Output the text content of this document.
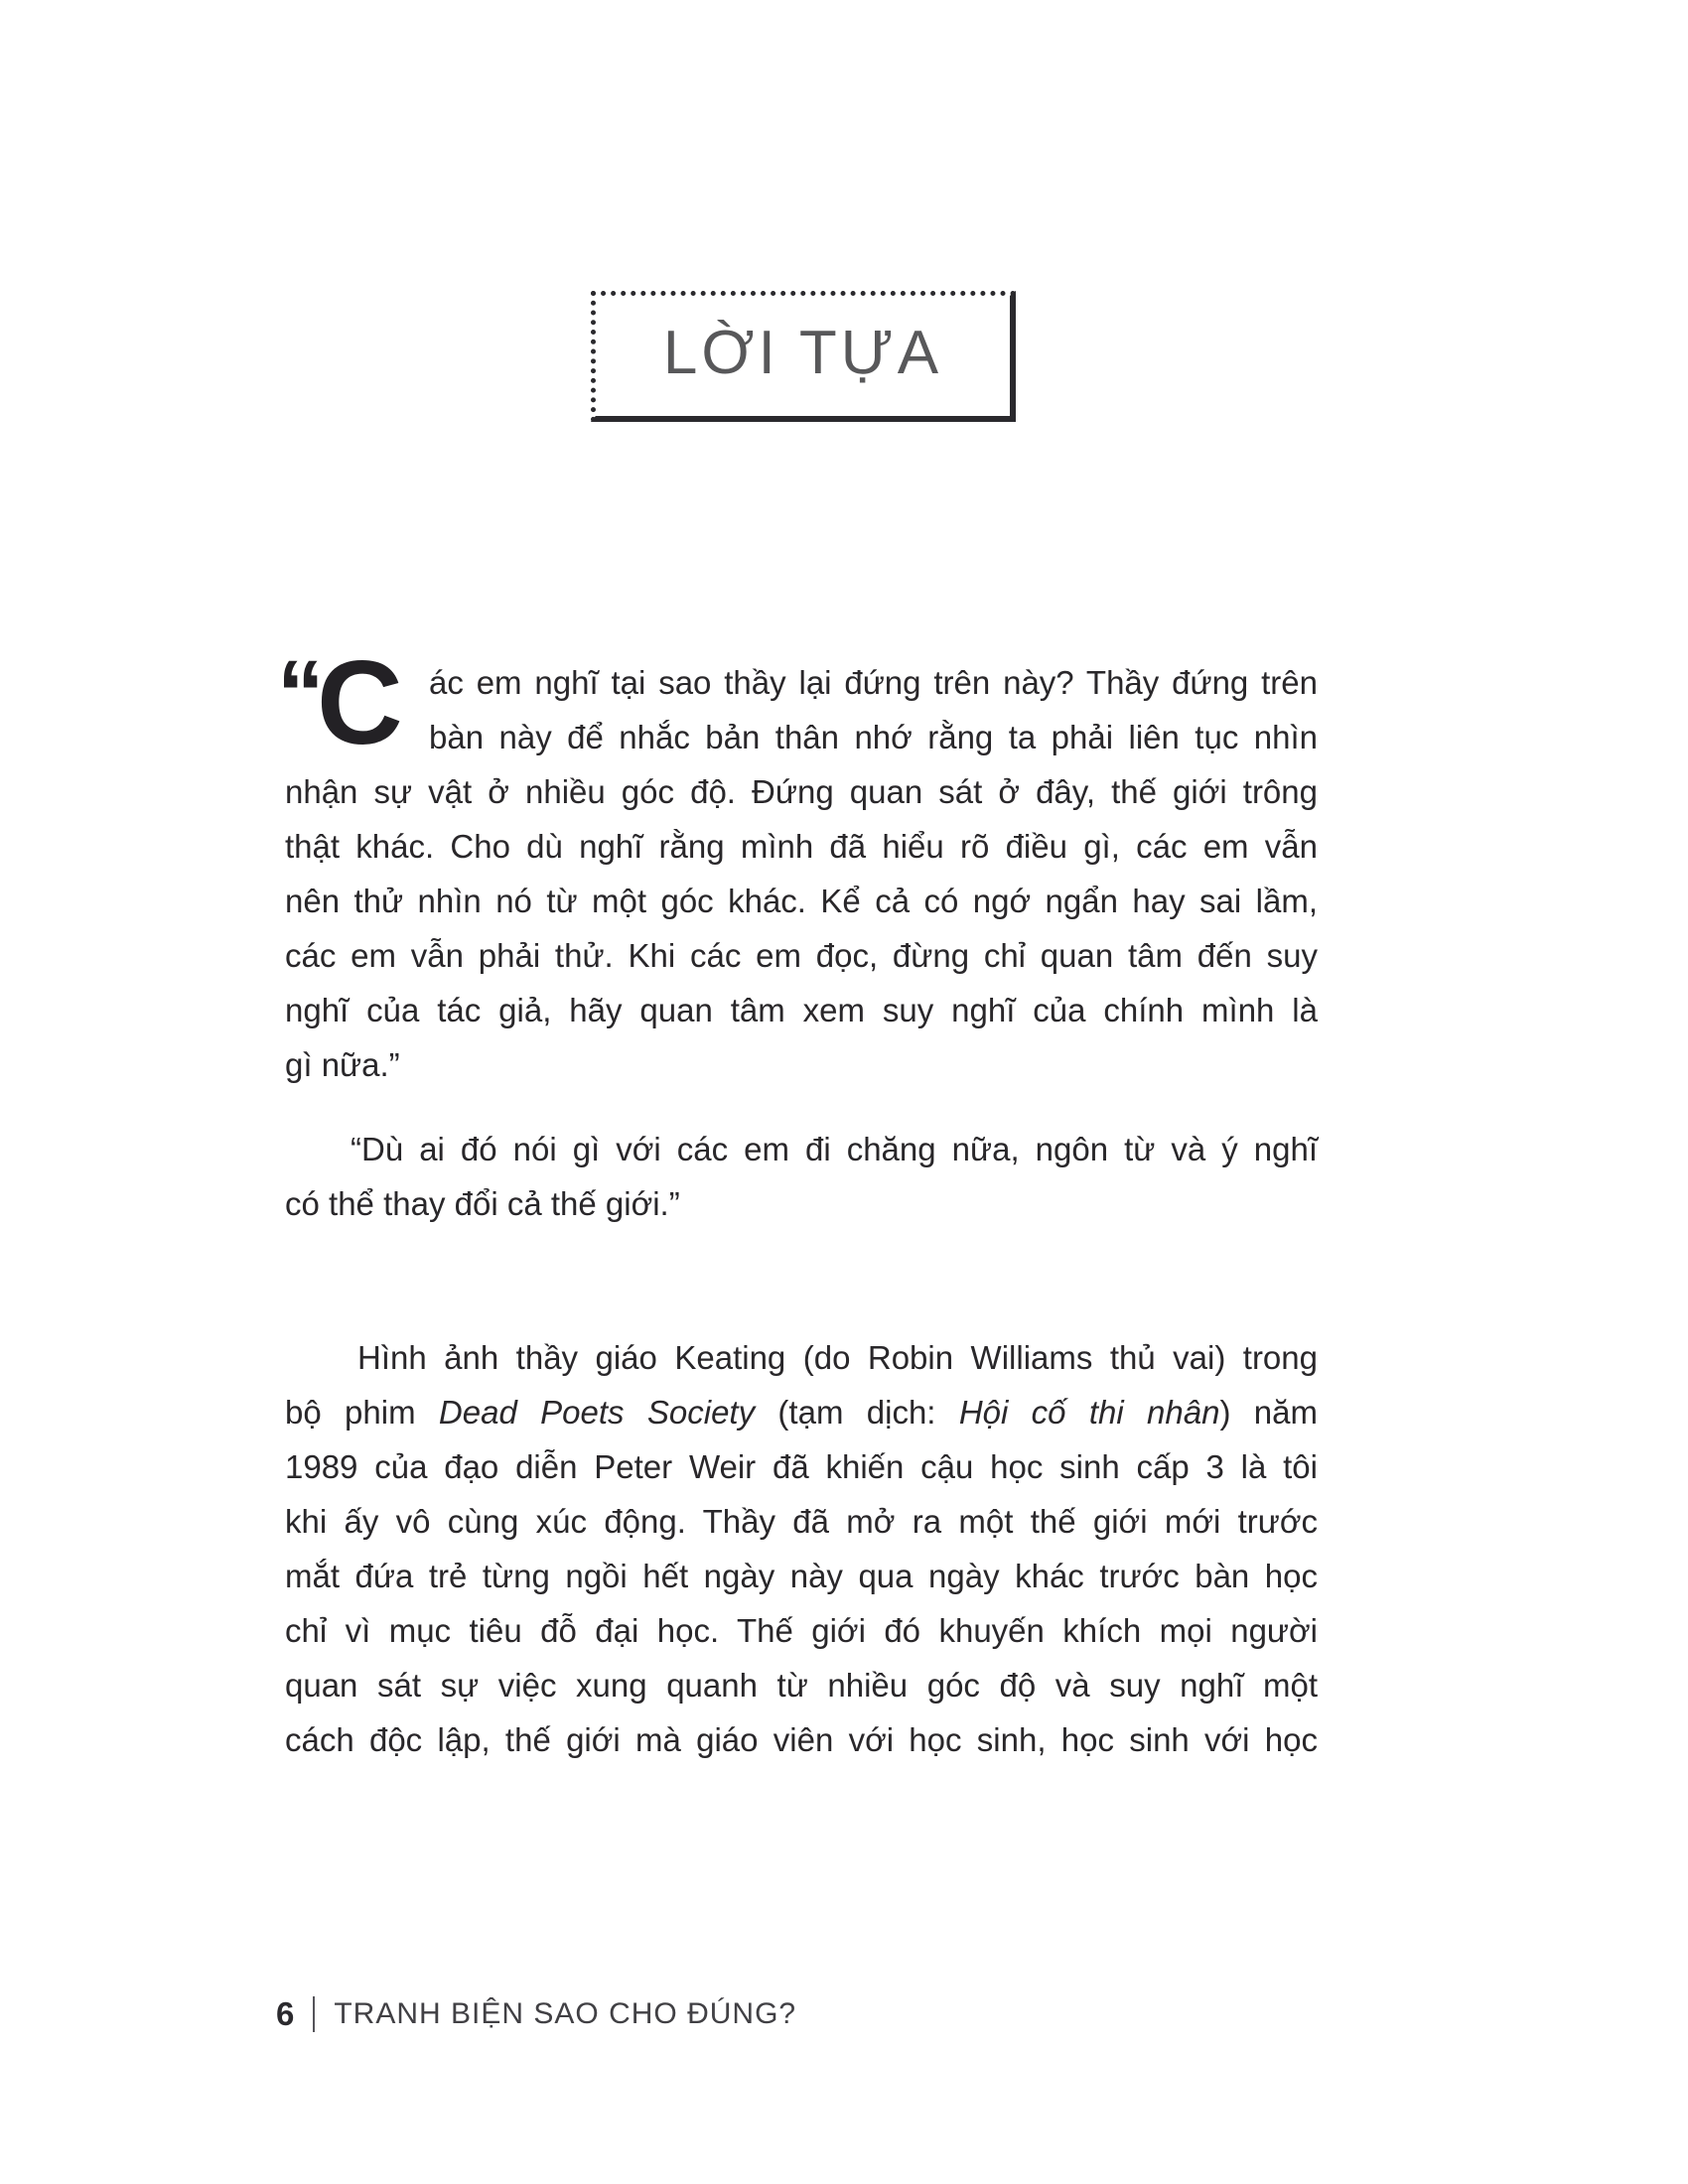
LỜI TỰA
“
C ác em nghĩ tại sao thầy lại đứng trên này? Thầy đứng trên
bàn này để nhắc bản thân nhớ rằng ta phải liên tục nhìn
nhận sự vật ở nhiều góc độ. Đứng quan sát ở đây, thế giới trông
thật khác. Cho dù nghĩ rằng mình đã hiểu rõ điều gì, các em vẫn
nên thử nhìn nó từ một góc khác. Kể cả có ngớ ngẩn hay sai lầm,
các em vẫn phải thử. Khi các em đọc, đừng chỉ quan tâm đến suy
nghĩ của tác giả, hãy quan tâm xem suy nghĩ của chính mình là
gì nữa.”
“Dù ai đó nói gì với các em đi chăng nữa, ngôn từ và ý nghĩ
có thể thay đổi cả thế giới.”
Hình ảnh thầy giáo Keating (do Robin Williams thủ vai) trong
bộ phim Dead Poets Society (tạm dịch: Hội cố thi nhân) năm
1989 của đạo diễn Peter Weir đã khiến cậu học sinh cấp 3 là tôi
khi ấy vô cùng xúc động. Thầy đã mở ra một thế giới mới trước
mắt đứa trẻ từng ngồi hết ngày này qua ngày khác trước bàn học
chỉ vì mục tiêu đỗ đại học. Thế giới đó khuyến khích mọi người
quan sát sự việc xung quanh từ nhiều góc độ và suy nghĩ một
cách độc lập, thế giới mà giáo viên với học sinh, học sinh với học
6 TRANH BIỆN SAO CHO ĐÚNG?
